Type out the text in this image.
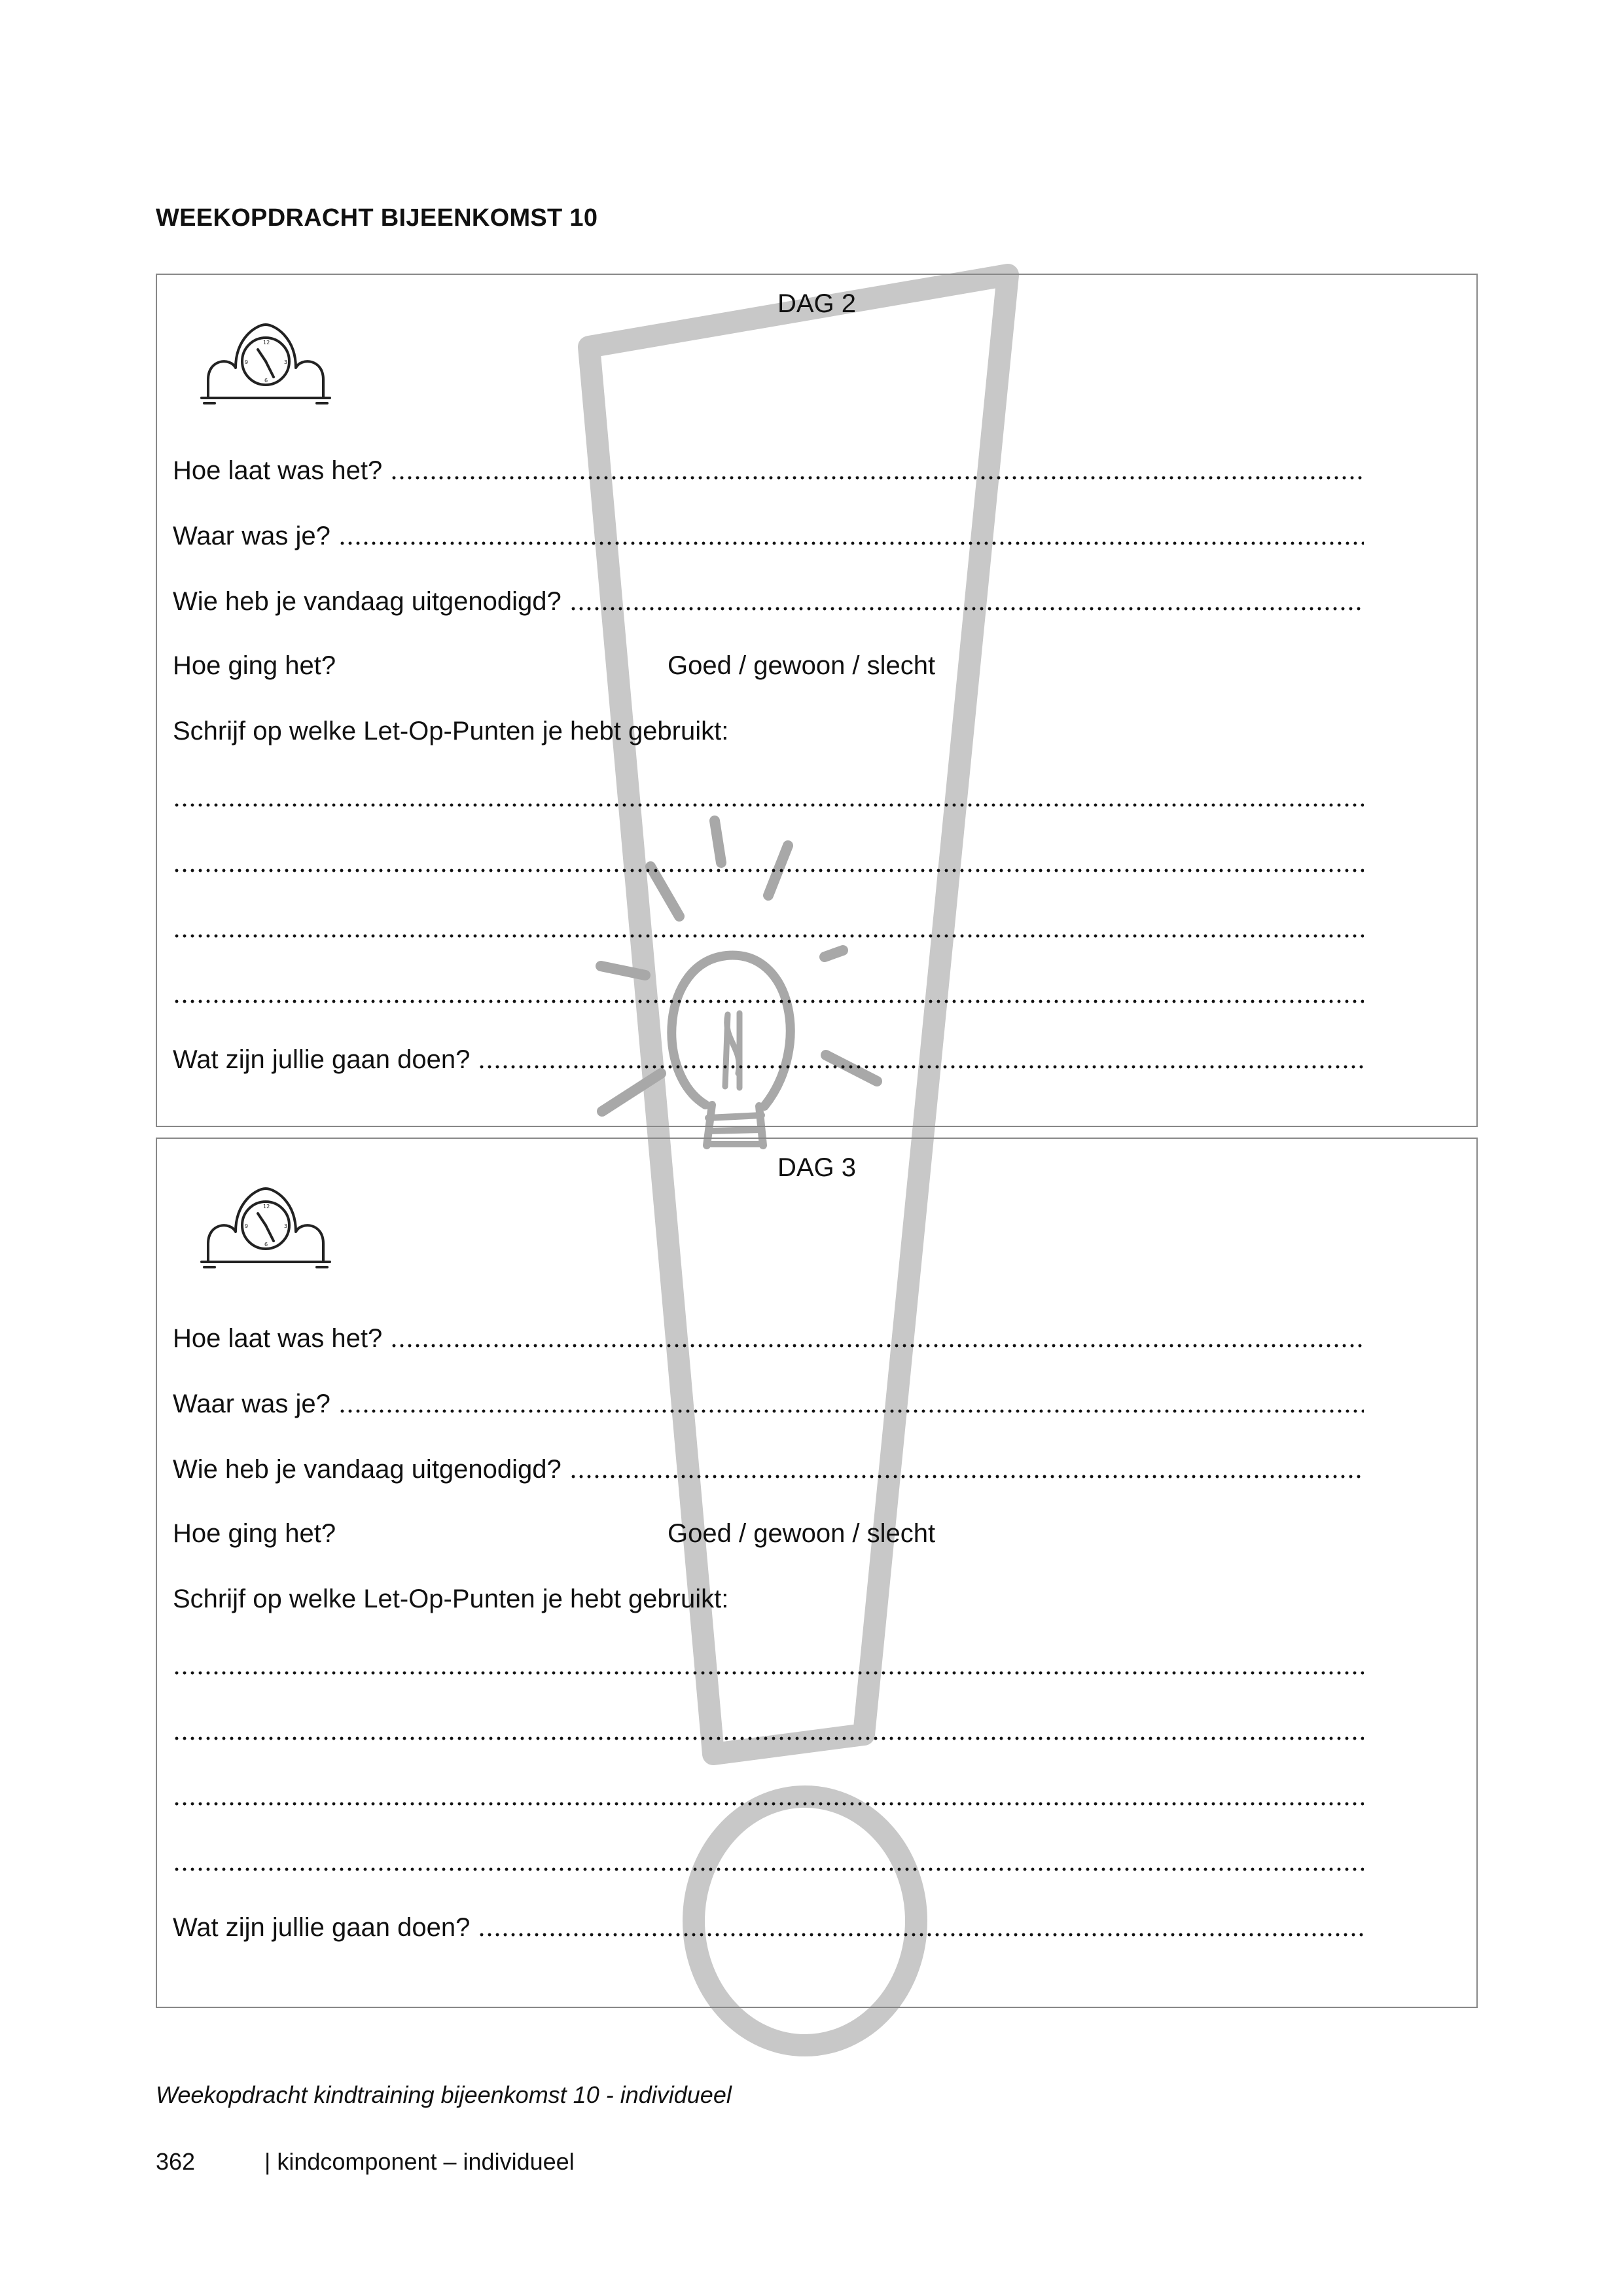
WEEKOPDRACHT BIJEENKOMST 10
DAG 2
12
3
6
9
Hoe laat was het?
Waar was je?
Wie heb je vandaag uitgenodigd?
Hoe ging het?	Goed / gewoon / slecht
Schrijf op welke Let-Op-Punten je hebt gebruikt:
Wat zijn jullie gaan doen?
DAG 3
12
3
6
9
Hoe laat was het?
Waar was je?
Wie heb je vandaag uitgenodigd?
Hoe ging het?	Goed / gewoon / slecht
Schrijf op welke Let-Op-Punten je hebt gebruikt:
Wat zijn jullie gaan doen?
Weekopdracht kindtraining bijeenkomst 10 - individueel
362	| kindcomponent – individueel
